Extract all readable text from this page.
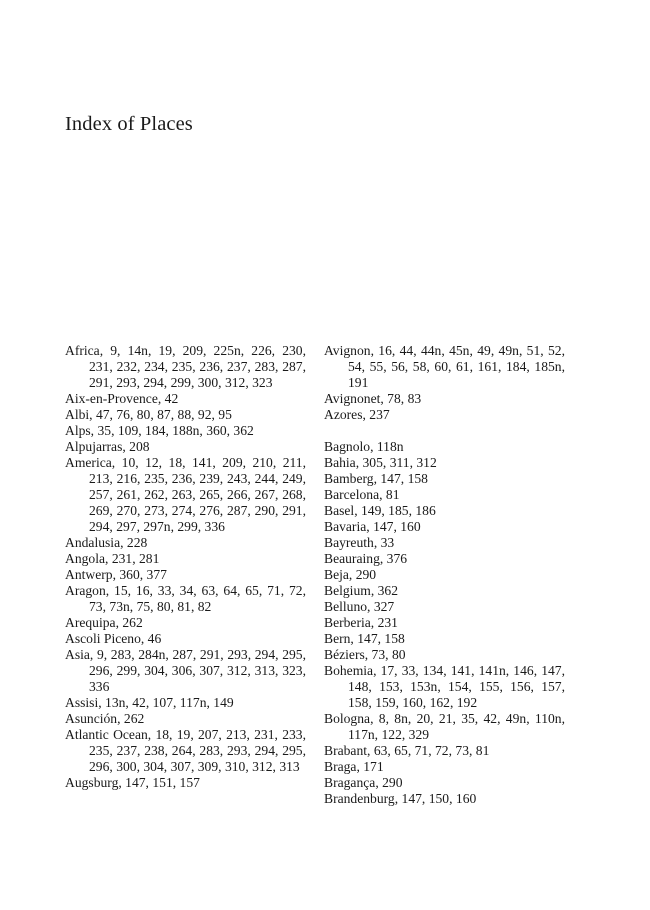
Index of Places
Africa, 9, 14n, 19, 209, 225n, 226, 230, 231, 232, 234, 235, 236, 237, 283, 287, 291, 293, 294, 299, 300, 312, 323
Aix-en-Provence, 42
Albi, 47, 76, 80, 87, 88, 92, 95
Alps, 35, 109, 184, 188n, 360, 362
Alpujarras, 208
America, 10, 12, 18, 141, 209, 210, 211, 213, 216, 235, 236, 239, 243, 244, 249, 257, 261, 262, 263, 265, 266, 267, 268, 269, 270, 273, 274, 276, 287, 290, 291, 294, 297, 297n, 299, 336
Andalusia, 228
Angola, 231, 281
Antwerp, 360, 377
Aragon, 15, 16, 33, 34, 63, 64, 65, 71, 72, 73, 73n, 75, 80, 81, 82
Arequipa, 262
Ascoli Piceno, 46
Asia, 9, 283, 284n, 287, 291, 293, 294, 295, 296, 299, 304, 306, 307, 312, 313, 323, 336
Assisi, 13n, 42, 107, 117n, 149
Asunción, 262
Atlantic Ocean, 18, 19, 207, 213, 231, 233, 235, 237, 238, 264, 283, 293, 294, 295, 296, 300, 304, 307, 309, 310, 312, 313
Augsburg, 147, 151, 157
Avignon, 16, 44, 44n, 45n, 49, 49n, 51, 52, 54, 55, 56, 58, 60, 61, 161, 184, 185n, 191
Avignonet, 78, 83
Azores, 237
Bagnolo, 118n
Bahia, 305, 311, 312
Bamberg, 147, 158
Barcelona, 81
Basel, 149, 185, 186
Bavaria, 147, 160
Bayreuth, 33
Beauraing, 376
Beja, 290
Belgium, 362
Belluno, 327
Berberia, 231
Bern, 147, 158
Béziers, 73, 80
Bohemia, 17, 33, 134, 141, 141n, 146, 147, 148, 153, 153n, 154, 155, 156, 157, 158, 159, 160, 162, 192
Bologna, 8, 8n, 20, 21, 35, 42, 49n, 110n, 117n, 122, 329
Brabant, 63, 65, 71, 72, 73, 81
Braga, 171
Bragança, 290
Brandenburg, 147, 150, 160
